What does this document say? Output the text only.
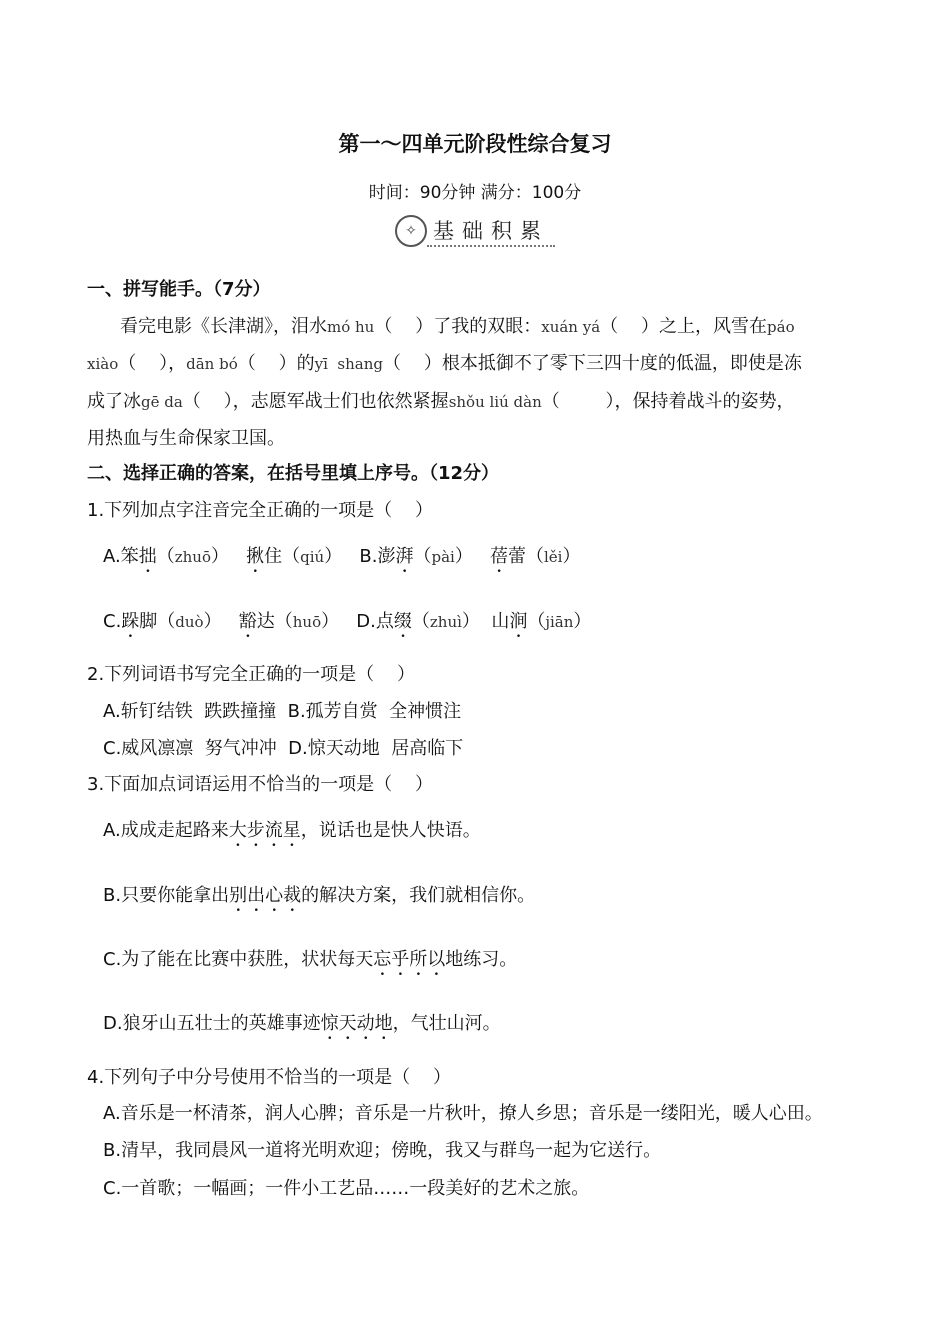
第一～四单元阶段性综合复习
时间：90分钟 满分：100分
✧ 基础积累
一、拼写能手。（7分）
看完电影《长津湖》，泪水mó hu（    ）了我的双眼：xuán yá（    ）之上，风雪在páo
xiào（    ），dān bó（    ）的yī  shang（    ）根本抵御不了零下三四十度的低温，即使是冻
成了冰gē da（    ），志愿军战士们也依然紧握shǒu liú dàn（        ），保持着战斗的姿势，
用热血与生命保家卫国。
二、选择正确的答案，在括号里填上序号。（12分）
1.下列加点字注音完全正确的一项是（    ）
A.笨拙（zhuō）   揪住（qiú）   B.澎湃（pài）   蓓蕾（lěi）
C.跺脚（duò）   豁达（huō）   D.点缀（zhuì）  山涧（jiān）
2.下列词语书写完全正确的一项是（    ）
A.斩钉结铁  跌跌撞撞  B.孤芳自赏  全神惯注
C.威风凛凛  努气冲冲  D.惊天动地  居高临下
3.下面加点词语运用不恰当的一项是（    ）
A.成成走起路来大步流星，说话也是快人快语。
B.只要你能拿出别出心裁的解决方案，我们就相信你。
C.为了能在比赛中获胜，状状每天忘乎所以地练习。
D.狼牙山五壮士的英雄事迹惊天动地，气壮山河。
4.下列句子中分号使用不恰当的一项是（    ）
A.音乐是一杯清茶，润人心脾；音乐是一片秋叶，撩人乡思；音乐是一缕阳光，暖人心田。
B.清早，我同晨风一道将光明欢迎；傍晚，我又与群鸟一起为它送行。
C.一首歌；一幅画；一件小工艺品……一段美好的艺术之旅。
